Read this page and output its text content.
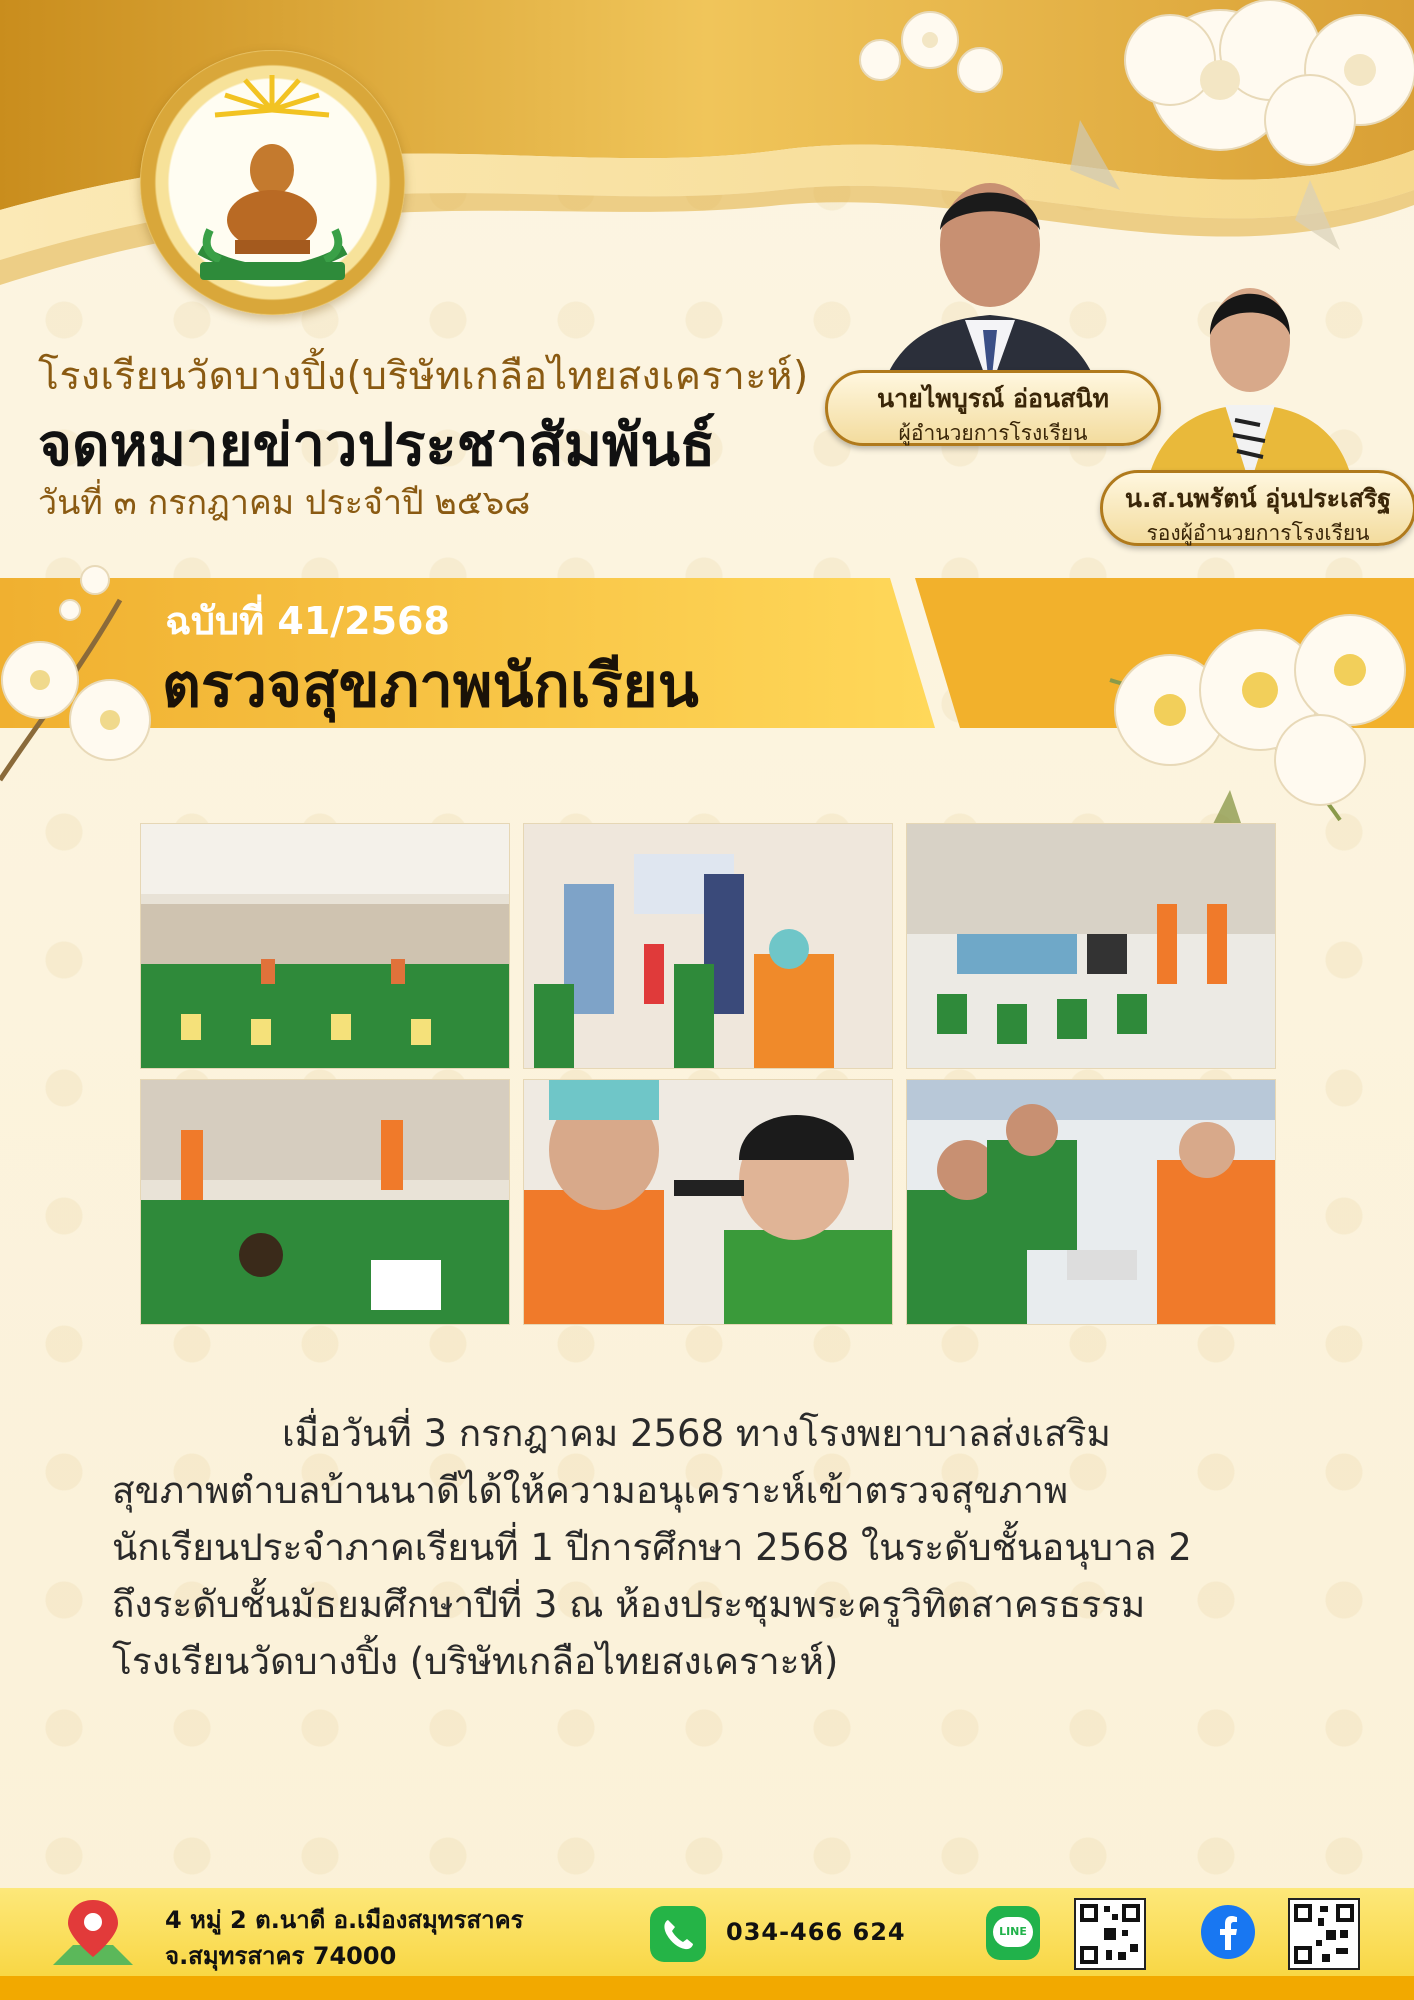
โรงเรียนวัดบางปิ้ง(บริษัทเกลือไทยสงเคราะห์)
จดหมายข่าวประชาสัมพันธ์
วันที่ ๓ กรกฎาคม ประจำปี ๒๕๖๘
นายไพบูรณ์ อ่อนสนิท
ผู้อำนวยการโรงเรียน
น.ส.นพรัตน์ อุ่นประเสริฐ
รองผู้อำนวยการโรงเรียน
ฉบับที่ 41/2568
ตรวจสุขภาพนักเรียน

เมื่อวันที่ 3 กรกฎาคม 2568 ทางโรงพยาบาลส่งเสริม

สุขภาพตำบลบ้านนาดีได้ให้ความอนุเคราะห์เข้าตรวจสุขภาพ

นักเรียนประจำภาคเรียนที่ 1 ปีการศึกษา 2568 ในระดับชั้นอนุบาล 2

ถึงระดับชั้นมัธยมศึกษาปีที่ 3 ณ ห้องประชุมพระครูวิทิตสาครธรรม

โรงเรียนวัดบางปิ้ง (บริษัทเกลือไทยสงเคราะห์)

4 หมู่ 2 ต.นาดี อ.เมืองสมุทรสาคร
จ.สมุทรสาคร 74000
034-466 624	LINE
